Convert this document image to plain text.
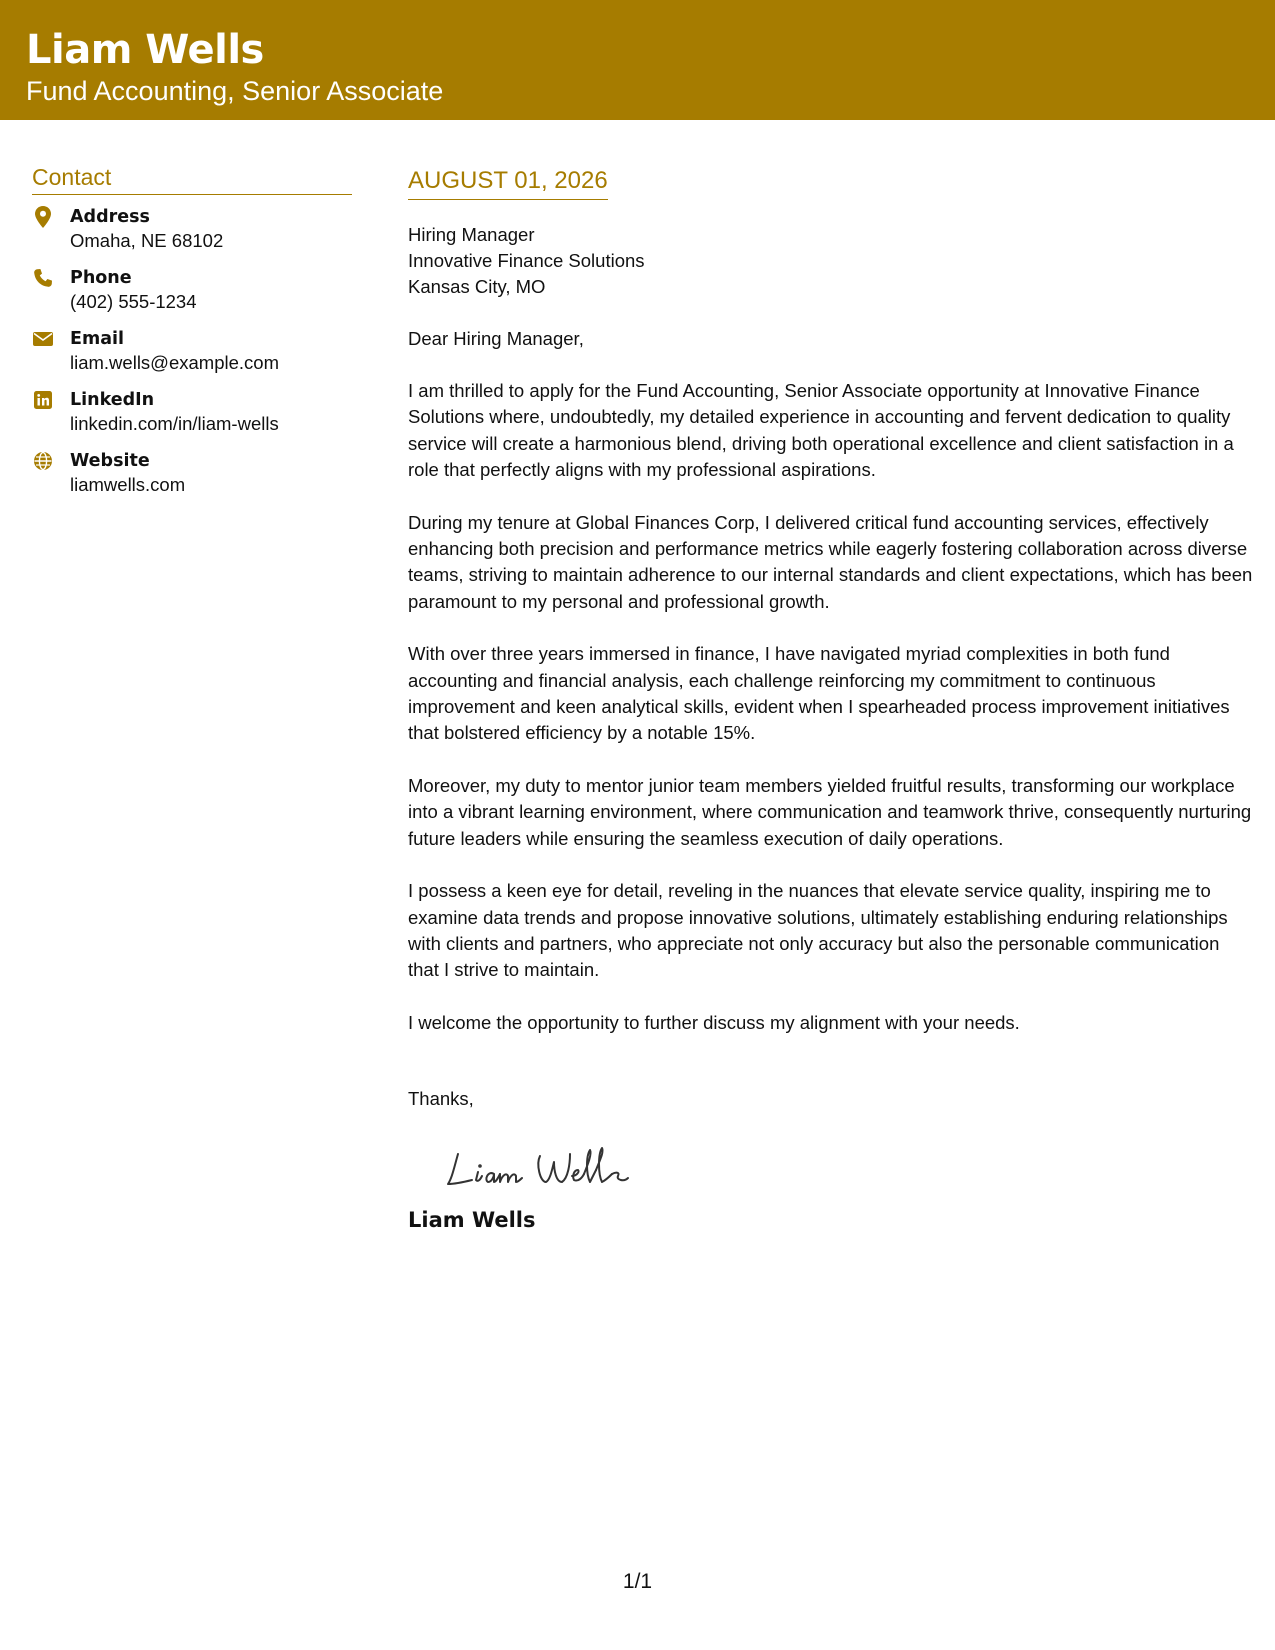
Liam Wells
Fund Accounting, Senior Associate
Contact
Address
Omaha, NE 68102
Phone
(402) 555-1234
Email
liam.wells@example.com
LinkedIn
linkedin.com/in/liam-wells
Website
liamwells.com
AUGUST 01, 2026

Hiring Manager

Innovative Finance Solutions

Kansas City, MO

Dear Hiring Manager,

I am thrilled to apply for the Fund Accounting, Senior Associate opportunity at Innovative Finance Solutions where, undoubtedly, my detailed experience in accounting and fervent dedication to quality service will create a harmonious blend, driving both operational excellence and client satisfaction in a role that perfectly aligns with my professional aspirations.

During my tenure at Global Finances Corp, I delivered critical fund accounting services, effectively enhancing both precision and performance metrics while eagerly fostering collaboration across diverse teams, striving to maintain adherence to our internal standards and client expectations, which has been paramount to my personal and professional growth.

With over three years immersed in finance, I have navigated myriad complexities in both fund accounting and financial analysis, each challenge reinforcing my commitment to continuous improvement and keen analytical skills, evident when I spearheaded process improvement initiatives that bolstered efficiency by a notable 15%.

Moreover, my duty to mentor junior team members yielded fruitful results, transforming our workplace into a vibrant learning environment, where communication and teamwork thrive, consequently nurturing future leaders while ensuring the seamless execution of daily operations.

I possess a keen eye for detail, reveling in the nuances that elevate service quality, inspiring me to examine data trends and propose innovative solutions, ultimately establishing enduring relationships with clients and partners, who appreciate not only accuracy but also the personable communication that I strive to maintain.

I welcome the opportunity to further discuss my alignment with your needs.

Thanks,

Liam Wells
1/1
